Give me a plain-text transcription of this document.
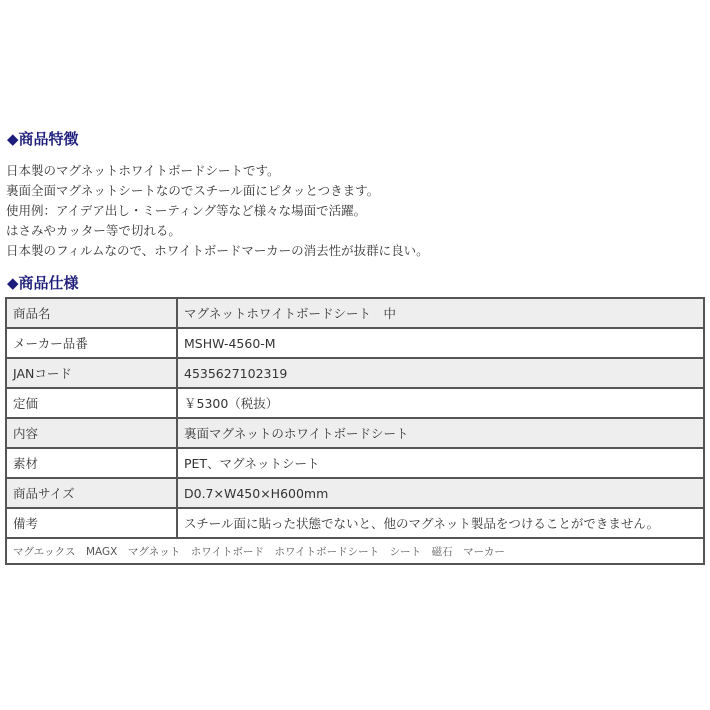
◆商品特徴
日本製のマグネットホワイトボードシートです。
裏面全面マグネットシートなのでスチール面にピタッとつきます。
使用例：アイデア出し・ミーティング等など様々な場面で活躍。
はさみやカッター等で切れる。
日本製のフィルムなので、ホワイトボードマーカーの消去性が抜群に良い。
◆商品仕様
商品名	マグネットホワイトボードシート　中
メーカー品番	MSHW-4560-M
JANコード	4535627102319
定価	￥5300（税抜）
内容	裏面マグネットのホワイトボードシート
素材	PET、マグネットシート
商品サイズ	D0.7×W450×H600mm
備考	スチール面に貼った状態でないと、他のマグネット製品をつけることができません。
マグエックス　MAGX　マグネット　ホワイトボード　ホワイトボードシート　シート　磁石　マーカー	
